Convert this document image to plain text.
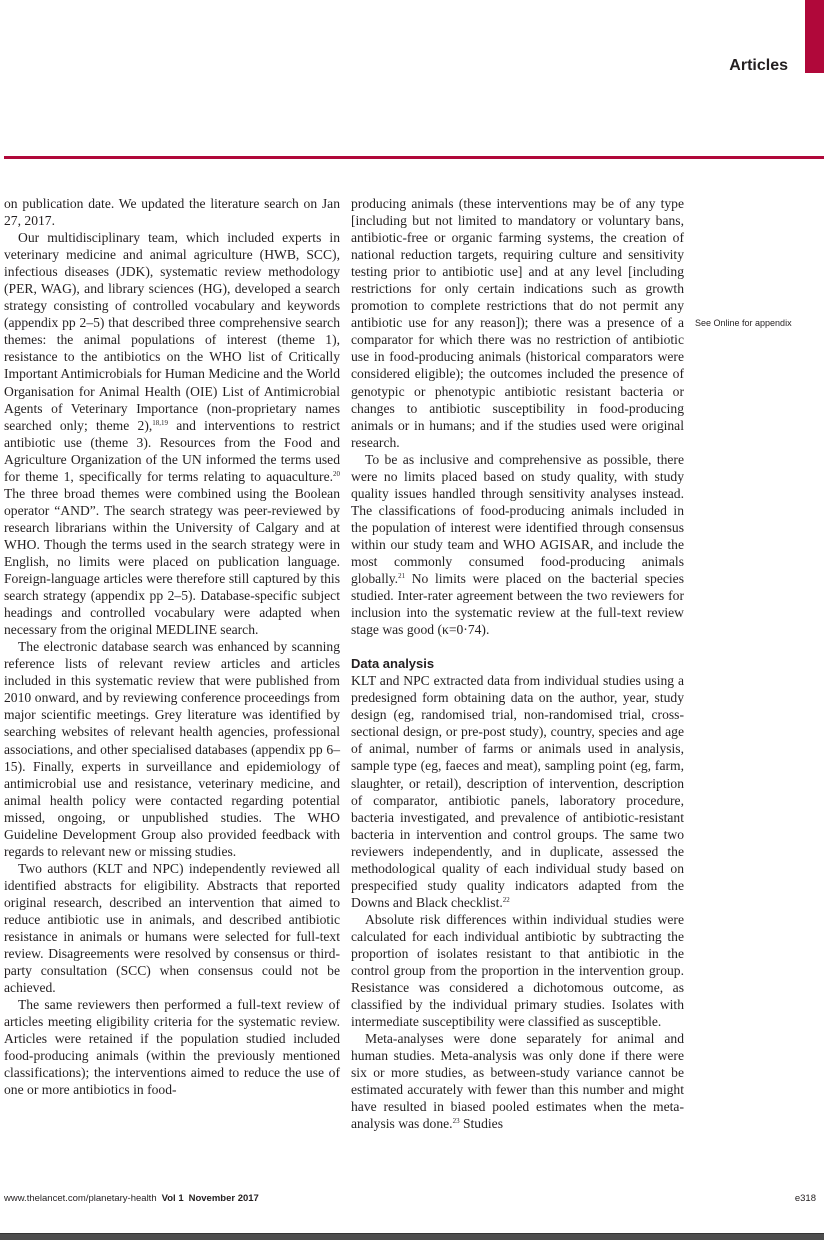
Articles

on publication date. We updated the literature search on Jan 27, 2017.

Our multidisciplinary team, which included experts in veterinary medicine and animal agriculture (HWB, SCC), infectious diseases (JDK), systematic review methodology (PER, WAG), and library sciences (HG), developed a search strategy consisting of controlled vocabulary and keywords (appendix pp 2–5) that described three comprehensive search themes: the animal populations of interest (theme 1), resistance to the antibiotics on the WHO list of Critically Important Antimicrobials for Human Medicine and the World Organisation for Animal Health (OIE) List of Antimicrobial Agents of Veterinary Importance (non-proprietary names searched only; theme 2),$^{18,19}$ and interventions to restrict antibiotic use (theme 3). Resources from the Food and Agriculture Organization of the UN informed the terms used for theme 1, specifically for terms relating to aquaculture.$^{20}$ The three broad themes were combined using the Boolean operator “AND”. The search strategy was peer-reviewed by research librarians within the University of Calgary and at WHO. Though the terms used in the search strategy were in English, no limits were placed on publication language. Foreign-language articles were therefore still captured by this search strategy (appendix pp 2–5). Database-specific subject headings and controlled vocabulary were adapted when necessary from the original MEDLINE search.

The electronic database search was enhanced by scanning reference lists of relevant review articles and articles included in this systematic review that were published from 2010 onward, and by reviewing conference proceedings from major scientific meetings. Grey literature was identified by searching websites of relevant health agencies, professional associations, and other specialised databases (appendix pp 6–15). Finally, experts in surveillance and epidemiology of antimicrobial use and resistance, veterinary medicine, and animal health policy were contacted regarding potential missed, ongoing, or unpublished studies. The WHO Guideline Development Group also provided feedback with regards to relevant new or missing studies.

Two authors (KLT and NPC) independently reviewed all identified abstracts for eligibility. Abstracts that reported original research, described an intervention that aimed to reduce antibiotic use in animals, and described antibiotic resistance in animals or humans were selected for full-text review. Disagreements were resolved by consensus or third-party consultation (SCC) when consensus could not be achieved.

The same reviewers then performed a full-text review of articles meeting eligibility criteria for the systematic review. Articles were retained if the population studied included food-producing animals (within the previously mentioned classifications); the interventions aimed to reduce the use of one or more antibiotics in food-

producing animals (these interventions may be of any type [including but not limited to mandatory or voluntary bans, antibiotic-free or organic farming systems, the creation of national reduction targets, requiring culture and sensitivity testing prior to antibiotic use] and at any level [including restrictions for only certain indications such as growth promotion to complete restrictions that do not permit any antibiotic use for any reason]); there was a presence of a comparator for which there was no restriction of antibiotic use in food-producing animals (historical comparators were considered eligible); the outcomes included the presence of genotypic or phenotypic antibiotic resistant bacteria or changes to antibiotic susceptibility in food-producing animals or in humans; and if the studies used were original research.

To be as inclusive and comprehensive as possible, there were no limits placed based on study quality, with study quality issues handled through sensitivity analyses instead. The classifications of food-producing animals included in the population of interest were identified through consensus within our study team and WHO AGISAR, and include the most commonly consumed food-producing animals globally.$^{21}$ No limits were placed on the bacterial species studied. Inter-rater agreement between the two reviewers for inclusion into the systematic review at the full-text review stage was good (κ=0·74).

Data analysis

KLT and NPC extracted data from individual studies using a predesigned form obtaining data on the author, year, study design (eg, randomised trial, non-randomised trial, cross-sectional design, or pre-post study), country, species and age of animal, number of farms or animals used in analysis, sample type (eg, faeces and meat), sampling point (eg, farm, slaughter, or retail), description of intervention, description of comparator, antibiotic panels, laboratory procedure, bacteria investigated, and prevalence of antibiotic-resistant bacteria in intervention and control groups. The same two reviewers independently, and in duplicate, assessed the methodological quality of each individual study based on prespecified study quality indicators adapted from the Downs and Black checklist.$^{22}$

Absolute risk differences within individual studies were calculated for each individual antibiotic by subtracting the proportion of isolates resistant to that antibiotic in the control group from the proportion in the intervention group. Resistance was considered a dichotomous outcome, as classified by the individual primary studies. Isolates with intermediate susceptibility were classified as susceptible.

Meta-analyses were done separately for animal and human studies. Meta-analysis was only done if there were six or more studies, as between-study variance cannot be estimated accurately with fewer than this number and might have resulted in biased pooled estimates when the meta-analysis was done.$^{23}$ Studies

See Online for appendix
www.thelancet.com/planetary-health Vol 1 November 2017	e318
